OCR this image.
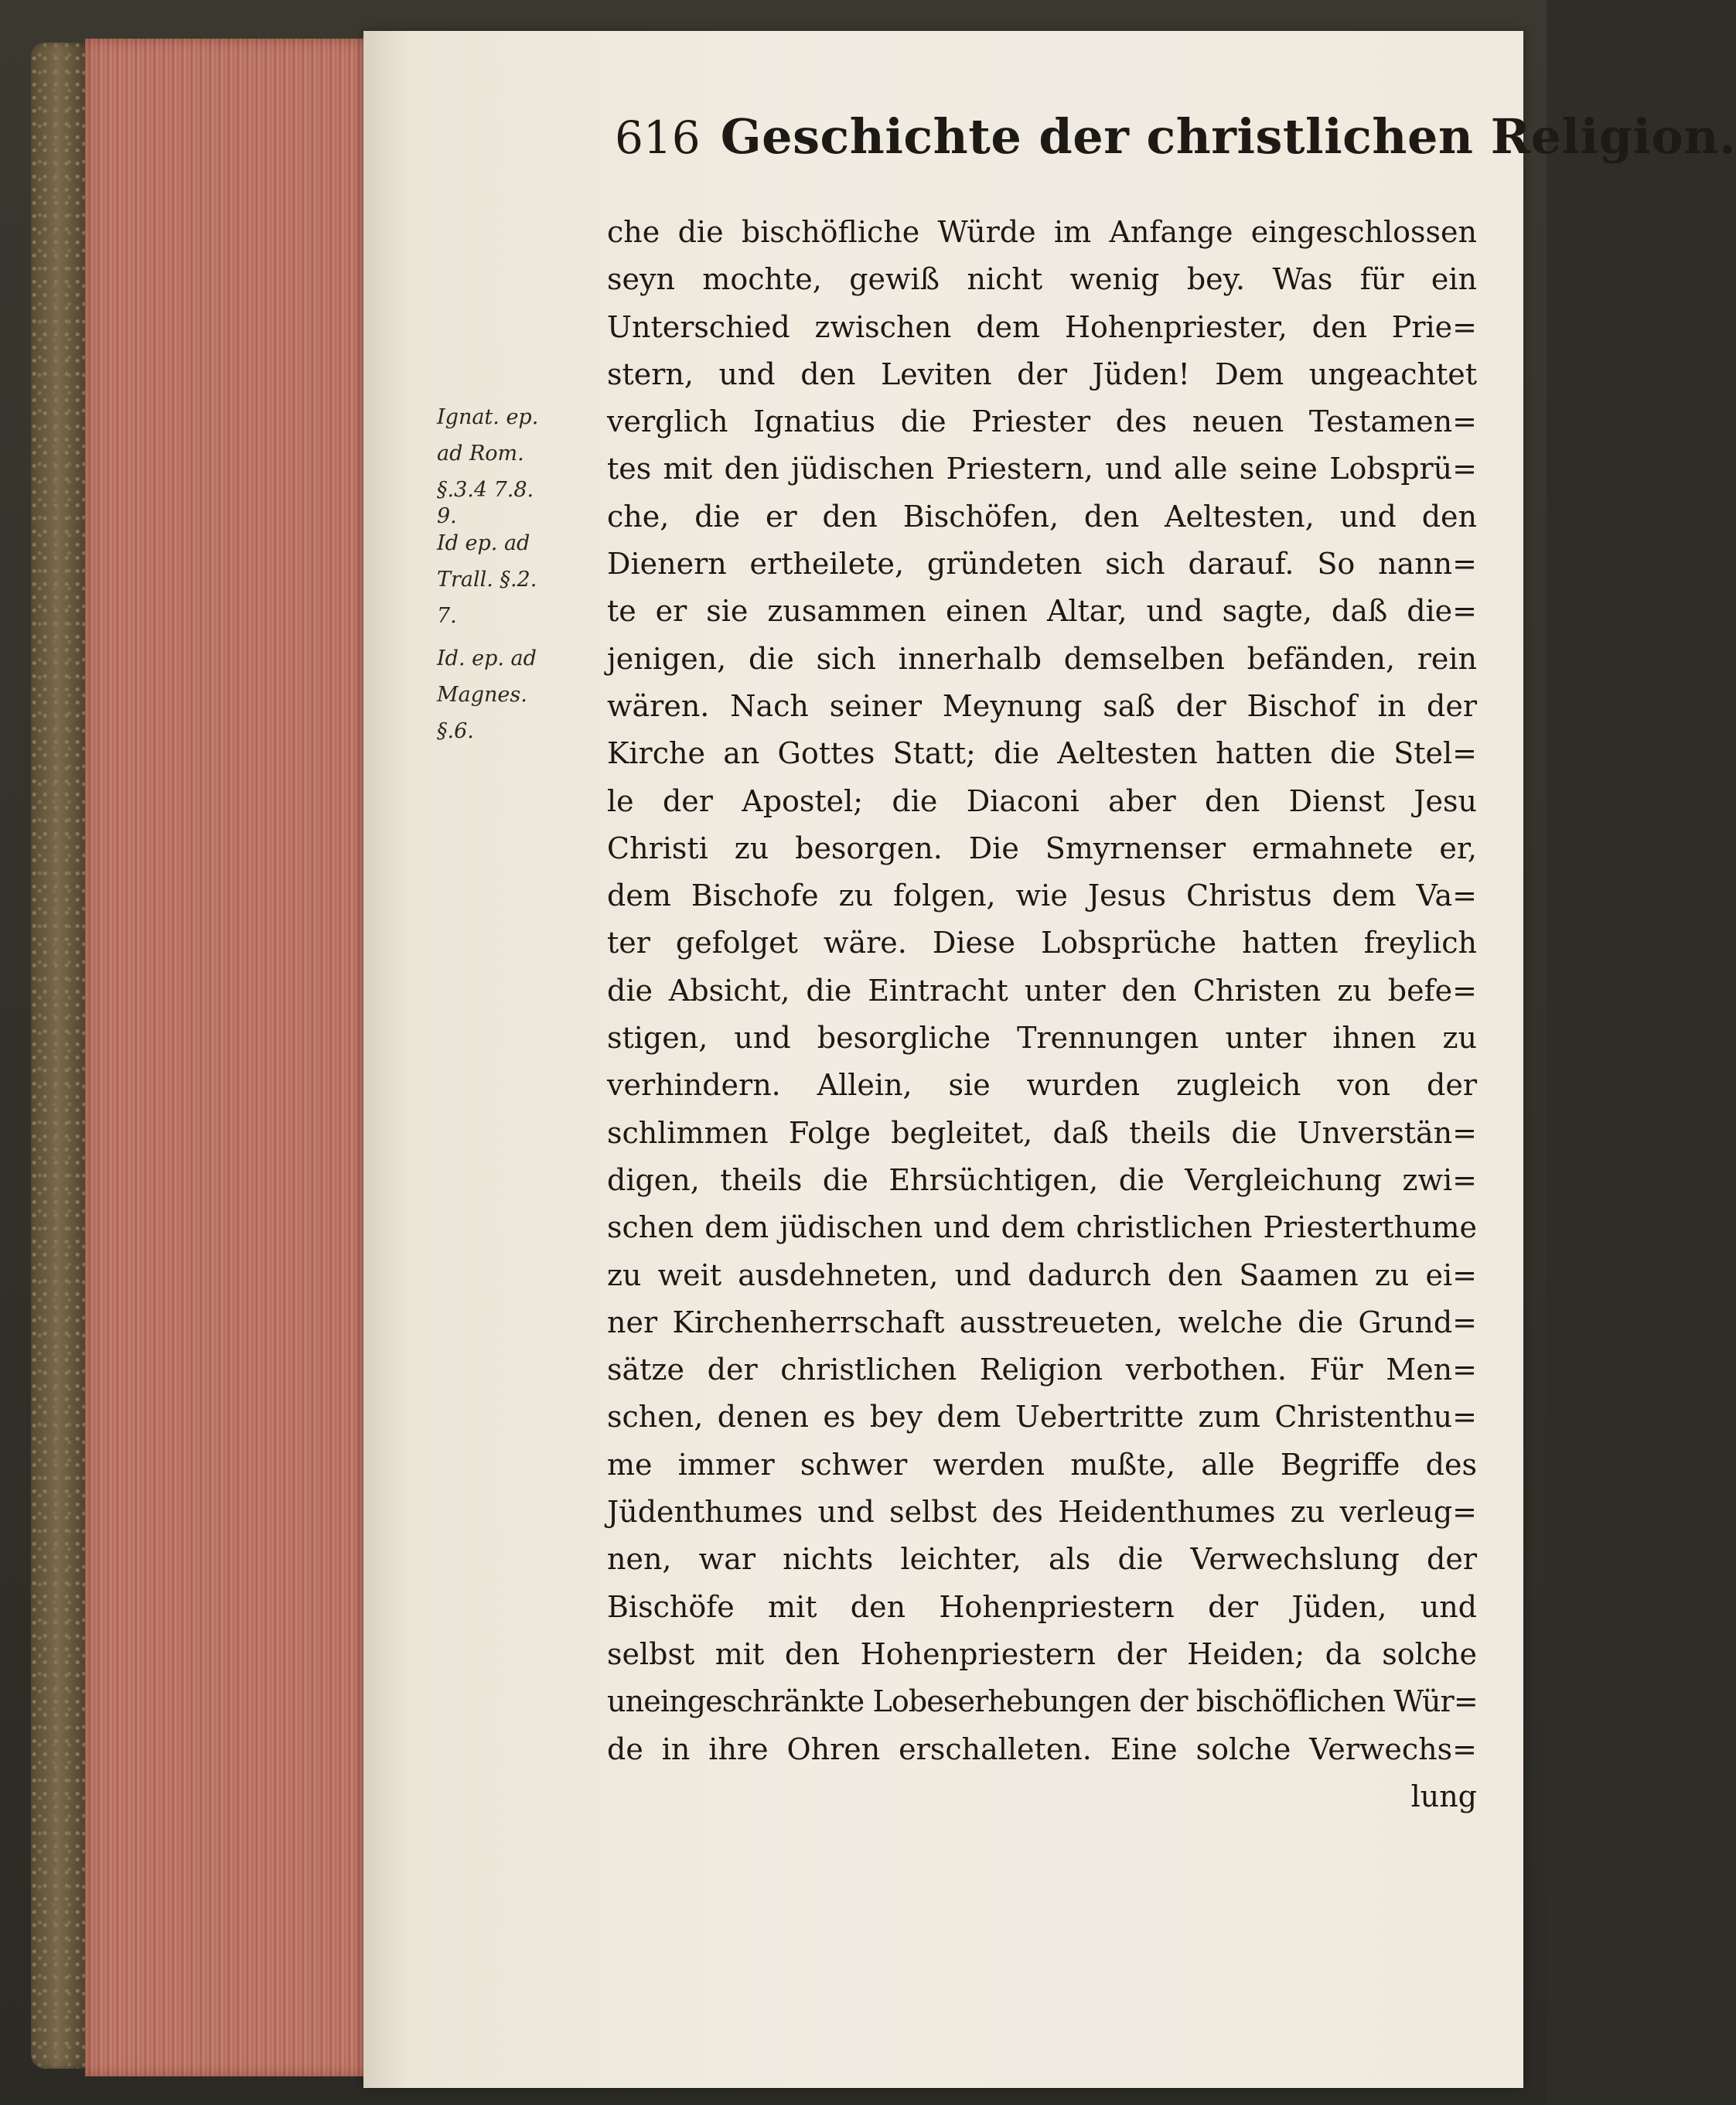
616 Geschichte der christlichen Religion.
Ignat. ep.
ad Rom.
§.3.4 7.8.
9.
Id ep. ad
Trall. §.2.
7.
Id. ep. ad
Magnes.
§.6.
che die bischöfliche Würde im Anfange eingeschlossen
seyn mochte, gewiß nicht wenig bey. Was für ein
Unterschied zwischen dem Hohenpriester, den Prie=
stern, und den Leviten der Jüden! Dem ungeachtet
verglich Ignatius die Priester des neuen Testamen=
tes mit den jüdischen Priestern, und alle seine Lobsprü=
che, die er den Bischöfen, den Aeltesten, und den
Dienern ertheilete, gründeten sich darauf. So nann=
te er sie zusammen einen Altar, und sagte, daß die=
jenigen, die sich innerhalb demselben befänden, rein
wären. Nach seiner Meynung saß der Bischof in der
Kirche an Gottes Statt; die Aeltesten hatten die Stel=
le der Apostel; die Diaconi aber den Dienst Jesu
Christi zu besorgen. Die Smyrnenser ermahnete er,
dem Bischofe zu folgen, wie Jesus Christus dem Va=
ter gefolget wäre. Diese Lobsprüche hatten freylich
die Absicht, die Eintracht unter den Christen zu befe=
stigen, und besorgliche Trennungen unter ihnen zu
verhindern. Allein, sie wurden zugleich von der
schlimmen Folge begleitet, daß theils die Unverstän=
digen, theils die Ehrsüchtigen, die Vergleichung zwi=
schen dem jüdischen und dem christlichen Priesterthume
zu weit ausdehneten, und dadurch den Saamen zu ei=
ner Kirchenherrschaft ausstreueten, welche die Grund=
sätze der christlichen Religion verbothen. Für Men=
schen, denen es bey dem Uebertritte zum Christenthu=
me immer schwer werden mußte, alle Begriffe des
Jüdenthumes und selbst des Heidenthumes zu verleug=
nen, war nichts leichter, als die Verwechslung der
Bischöfe mit den Hohenpriestern der Jüden, und
selbst mit den Hohenpriestern der Heiden; da solche
uneingeschränkte Lobeserhebungen der bischöflichen Wür=
de in ihre Ohren erschalleten. Eine solche Verwechs=
lung
